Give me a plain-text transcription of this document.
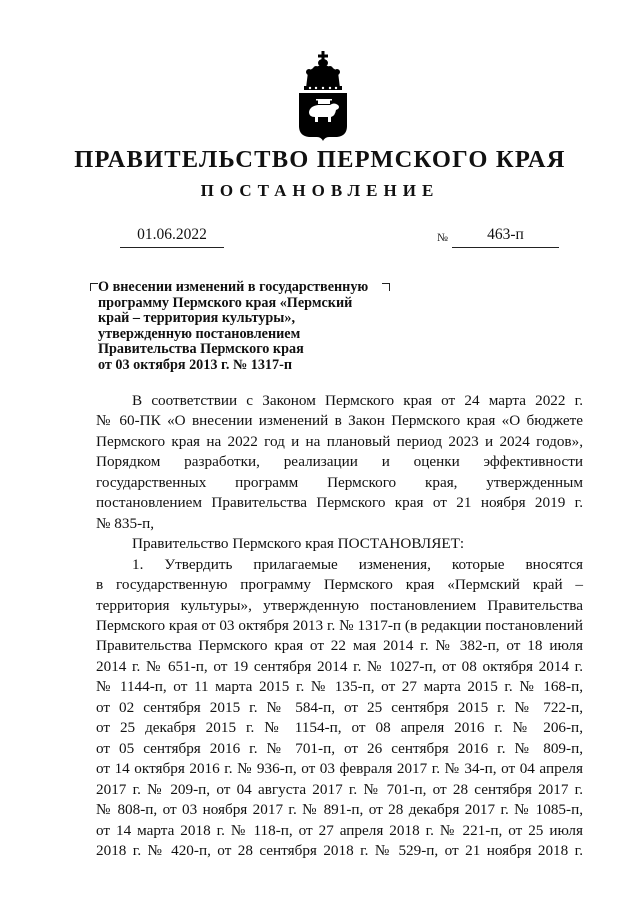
ПРАВИТЕЛЬСТВО ПЕРМСКОГО КРАЯ
ПОСТАНОВЛЕНИЕ
01.06.2022	№	463-п
О внесении изменений в государственную
программу Пермского края «Пермский
край – территория культуры»,
утвержденную постановлением
Правительства Пермского края
от 03 октября 2013 г. № 1317-п

В соответствии с Законом Пермского края от 24 марта 2022 г.
№ 60-ПК «О внесении изменений в Закон Пермского края «О бюджете
Пермского края на 2022 год и на плановый период 2023 и 2024 годов»,
Порядком разработки, реализации и оценки эффективности
государственных программ Пермского края, утвержденным
постановлением Правительства Пермского края от 21 ноября 2019 г.
№ 835-п,

Правительство Пермского края ПОСТАНОВЛЯЕТ:

1. Утвердить прилагаемые изменения, которые вносятся
в государственную программу Пермского края «Пермский край –
территория культуры», утвержденную постановлением Правительства
Пермского края от 03 октября 2013 г. № 1317-п (в редакции постановлений
Правительства Пермского края от 22 мая 2014 г. № 382-п, от 18 июля
2014 г. № 651-п, от 19 сентября 2014 г. № 1027-п, от 08 октября 2014 г.
№ 1144-п, от 11 марта 2015 г. № 135-п, от 27 марта 2015 г. № 168-п,
от 02 сентября 2015 г. № 584-п, от 25 сентября 2015 г. № 722-п,
от 25 декабря 2015 г. № 1154-п, от 08 апреля 2016 г. № 206-п,
от 05 сентября 2016 г. № 701-п, от 26 сентября 2016 г. № 809-п,
от 14 октября 2016 г. № 936-п, от 03 февраля 2017 г. № 34-п, от 04 апреля
2017 г. № 209-п, от 04 августа 2017 г. № 701-п, от 28 сентября 2017 г.
№ 808-п, от 03 ноября 2017 г. № 891-п, от 28 декабря 2017 г. № 1085-п,
от 14 марта 2018 г. № 118-п, от 27 апреля 2018 г. № 221-п, от 25 июля
2018 г. № 420-п, от 28 сентября 2018 г. № 529-п, от 21 ноября 2018 г.
